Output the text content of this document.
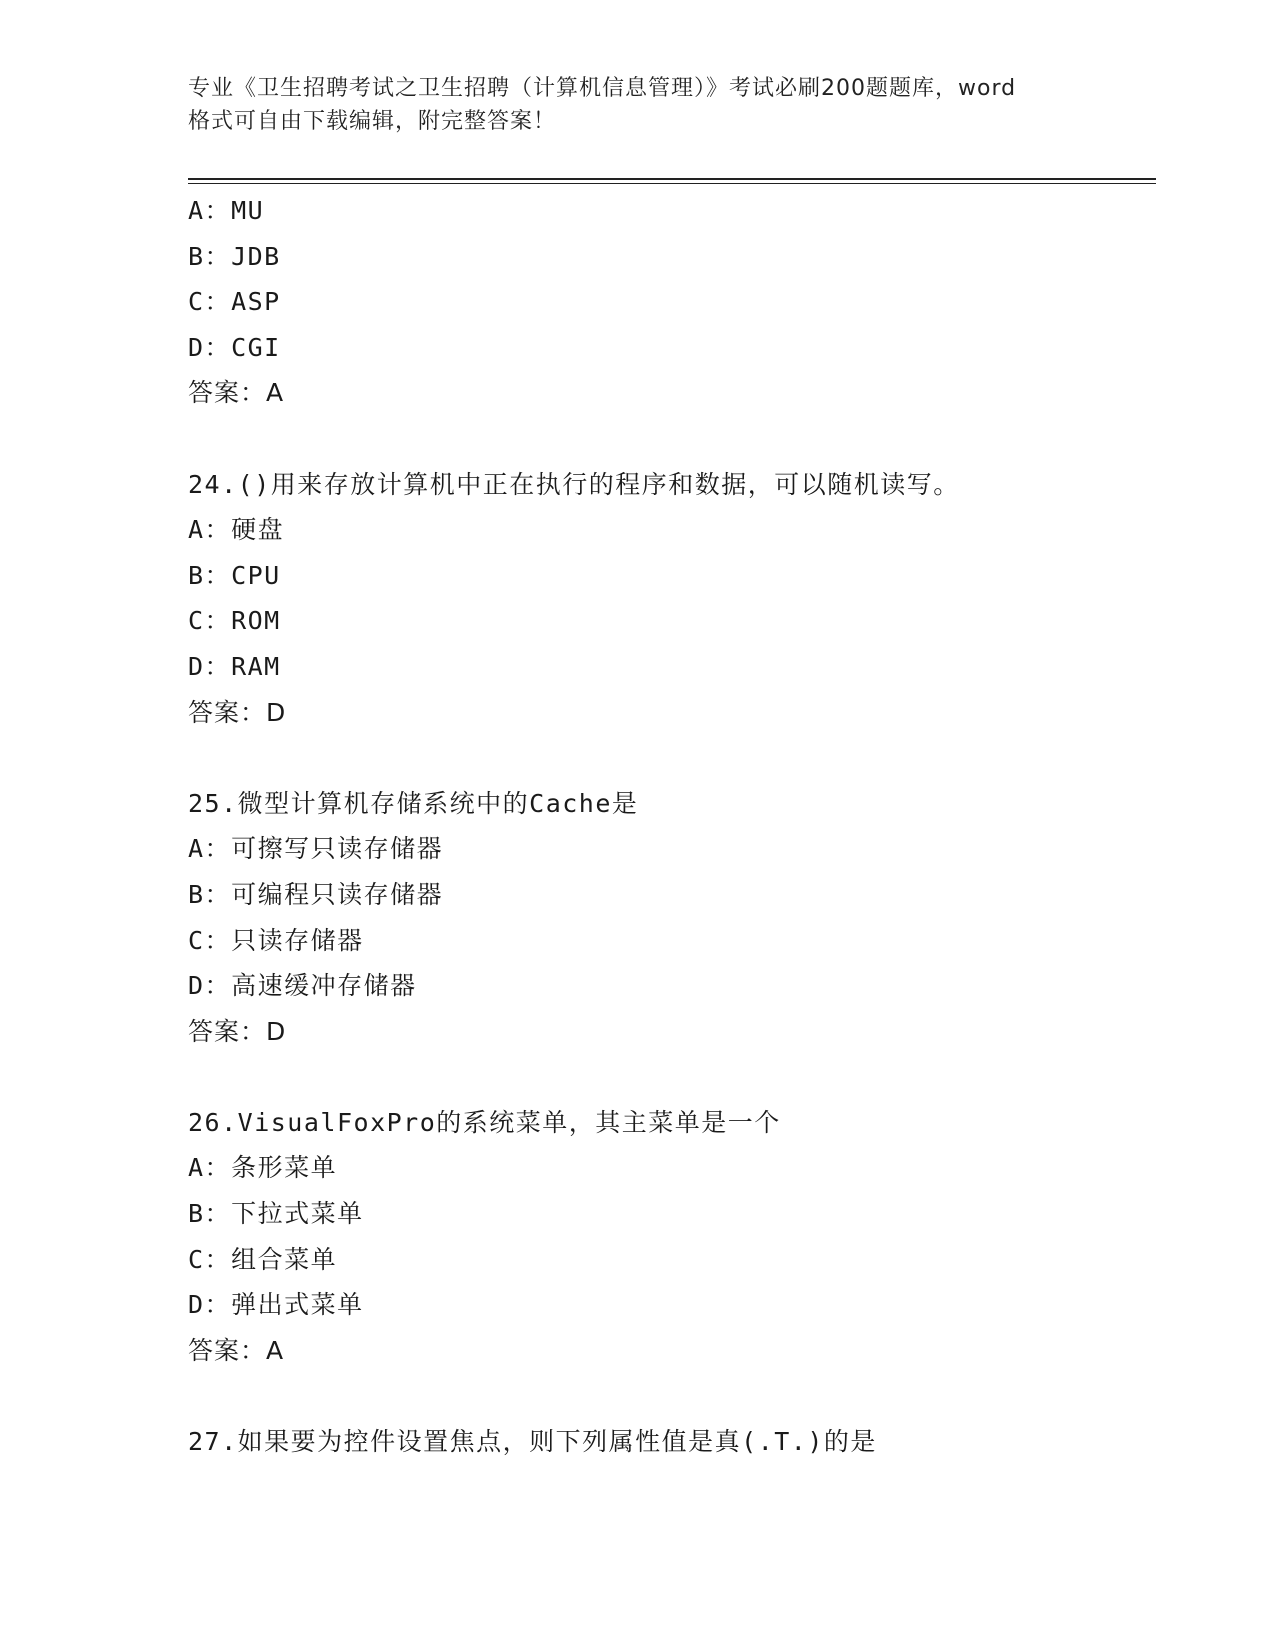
专业《卫生招聘考试之卫生招聘（计算机信息管理）》考试必刷200题题库，word
格式可自由下载编辑，附完整答案！
A：MU
B：JDB
C：ASP
D：CGI
答案：A
24.()用来存放计算机中正在执行的程序和数据，可以随机读写。
A：硬盘
B：CPU
C：ROM
D：RAM
答案：D
25.微型计算机存储系统中的Cache是
A：可擦写只读存储器
B：可编程只读存储器
C：只读存储器
D：高速缓冲存储器
答案：D
26.VisualFoxPro的系统菜单，其主菜单是一个
A：条形菜单
B：下拉式菜单
C：组合菜单
D：弹出式菜单
答案：A
27.如果要为控件设置焦点，则下列属性值是真(.T.)的是
